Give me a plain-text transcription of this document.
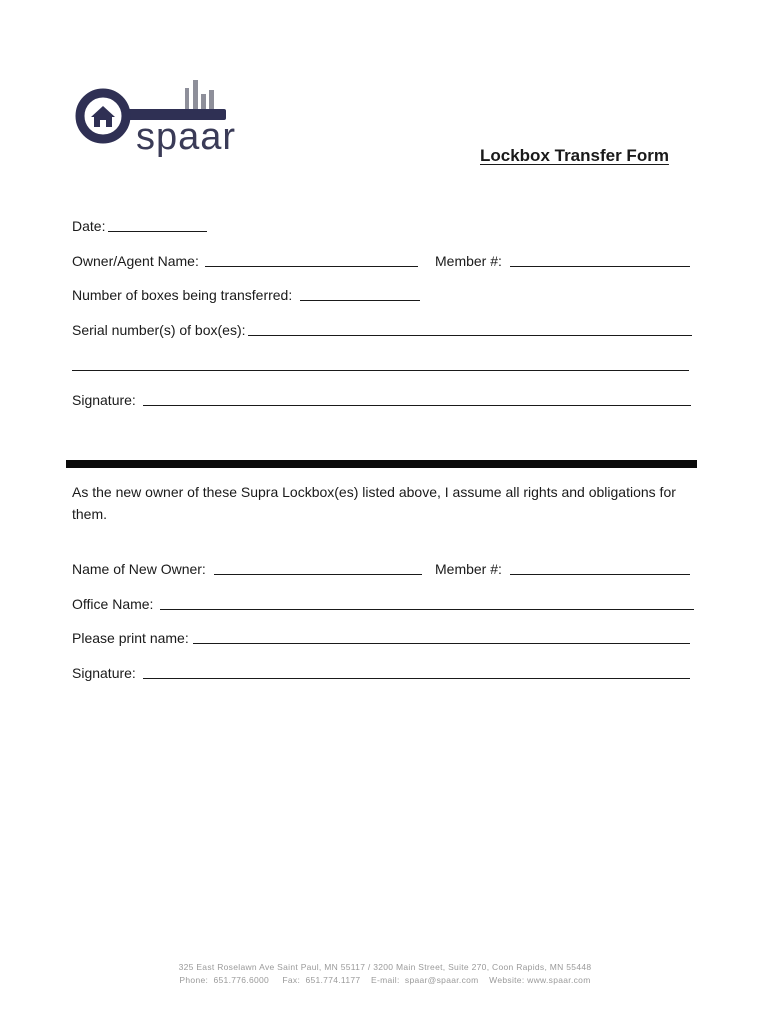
spaar	Lockbox Transfer Form
Date:
Owner/Agent Name:	Member #:
Number of boxes being transferred:
Serial number(s) of box(es):
Signature:
As the new owner of these Supra Lockbox(es) listed above, I assume all rights and obligations for them.
Name of New Owner:	Member #:
Office Name:
Please print name:
Signature:
325 East Roselawn Ave Saint Paul, MN 55117 / 3200 Main Street, Suite 270, Coon Rapids, MN 55448
Phone:  651.776.6000     Fax:  651.774.1177    E-mail:  spaar@spaar.com    Website: www.spaar.com
